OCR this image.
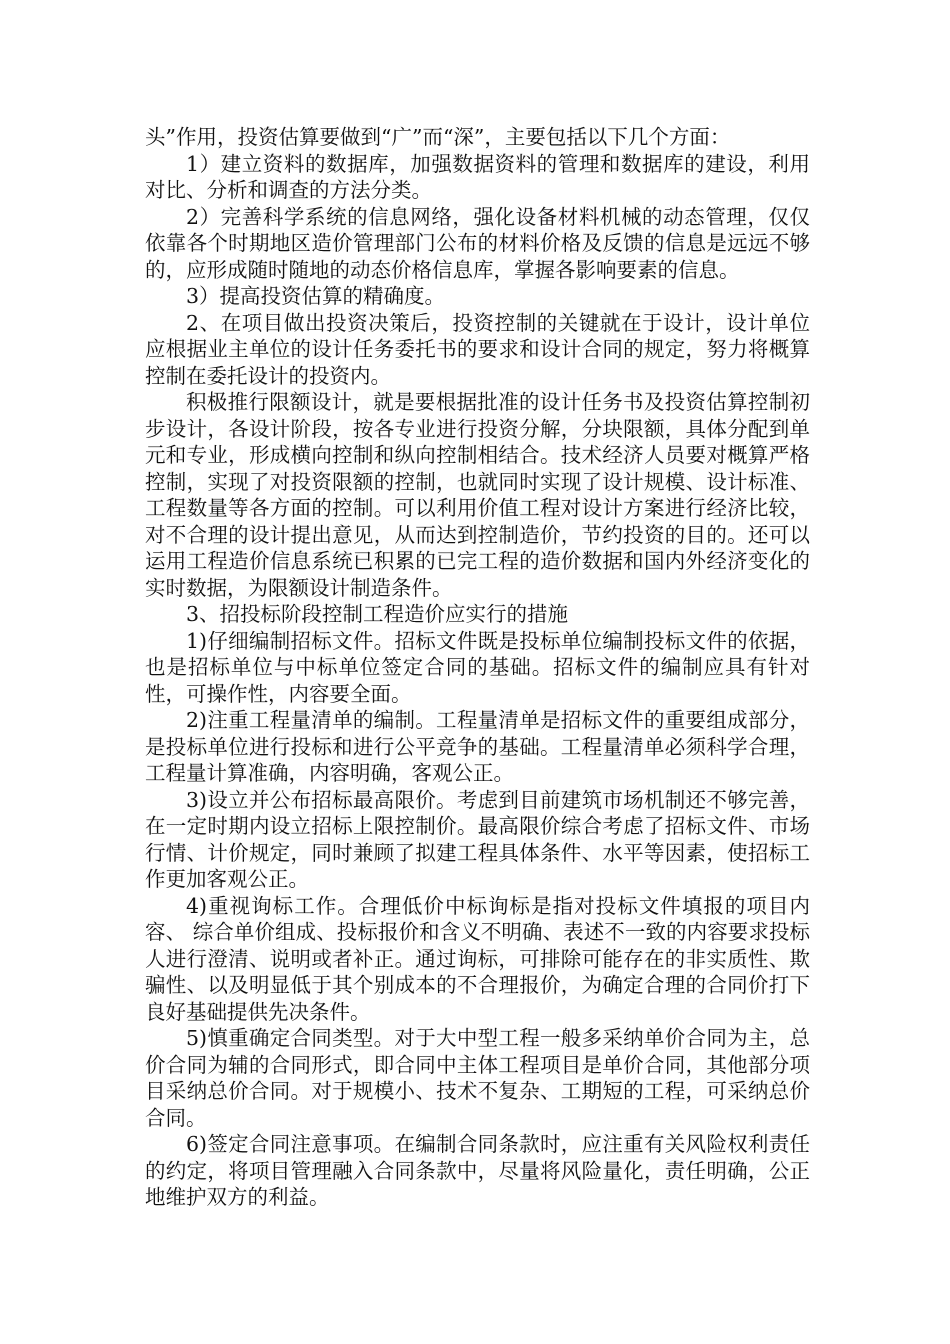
头”作用，投资估算要做到“广”而“深”，主要包括以下几个方面：

1）建立资料的数据库，加强数据资料的管理和数据库的建设，利用对比、分析和调查的方法分类。

2）完善科学系统的信息网络，强化设备材料机械的动态管理，仅仅依靠各个时期地区造价管理部门公布的材料价格及反馈的信息是远远不够的，应形成随时随地的动态价格信息库，掌握各影响要素的信息。

3）提高投资估算的精确度。

2、在项目做出投资决策后，投资控制的关键就在于设计，设计单位应根据业主单位的设计任务委托书的要求和设计合同的规定，努力将概算控制在委托设计的投资内。

积极推行限额设计，就是要根据批准的设计任务书及投资估算控制初步设计，各设计阶段，按各专业进行投资分解，分块限额，具体分配到单元和专业，形成横向控制和纵向控制相结合。技术经济人员要对概算严格控制，实现了对投资限额的控制，也就同时实现了设计规模、设计标准、工程数量等各方面的控制。可以利用价值工程对设计方案进行经济比较，对不合理的设计提出意见，从而达到控制造价，节约投资的目的。还可以运用工程造价信息系统已积累的已完工程的造价数据和国内外经济变化的实时数据，为限额设计制造条件。

3、招投标阶段控制工程造价应实行的措施

1)仔细编制招标文件。招标文件既是投标单位编制投标文件的依据，也是招标单位与中标单位签定合同的基础。招标文件的编制应具有针对性，可操作性，内容要全面。

2)注重工程量清单的编制。工程量清单是招标文件的重要组成部分，是投标单位进行投标和进行公平竞争的基础。工程量清单必须科学合理，工程量计算准确，内容明确，客观公正。

3)设立并公布招标最高限价。考虑到目前建筑市场机制还不够完善，在一定时期内设立招标上限控制价。最高限价综合考虑了招标文件、市场行情、计价规定，同时兼顾了拟建工程具体条件、水平等因素，使招标工作更加客观公正。

4)重视询标工作。合理低价中标询标是指对投标文件填报的项目内容、 综合单价组成、投标报价和含义不明确、表述不一致的内容要求投标人进行澄清、说明或者补正。通过询标，可排除可能存在的非实质性、欺骗性、以及明显低于其个别成本的不合理报价，为确定合理的合同价打下良好基础提供先决条件。

5)慎重确定合同类型。对于大中型工程一般多采纳单价合同为主，总价合同为辅的合同形式，即合同中主体工程项目是单价合同，其他部分项目采纳总价合同。对于规模小、技术不复杂、工期短的工程，可采纳总价合同。

6)签定合同注意事项。在编制合同条款时，应注重有关风险权利责任的约定，将项目管理融入合同条款中，尽量将风险量化，责任明确，公正地维护双方的利益。
